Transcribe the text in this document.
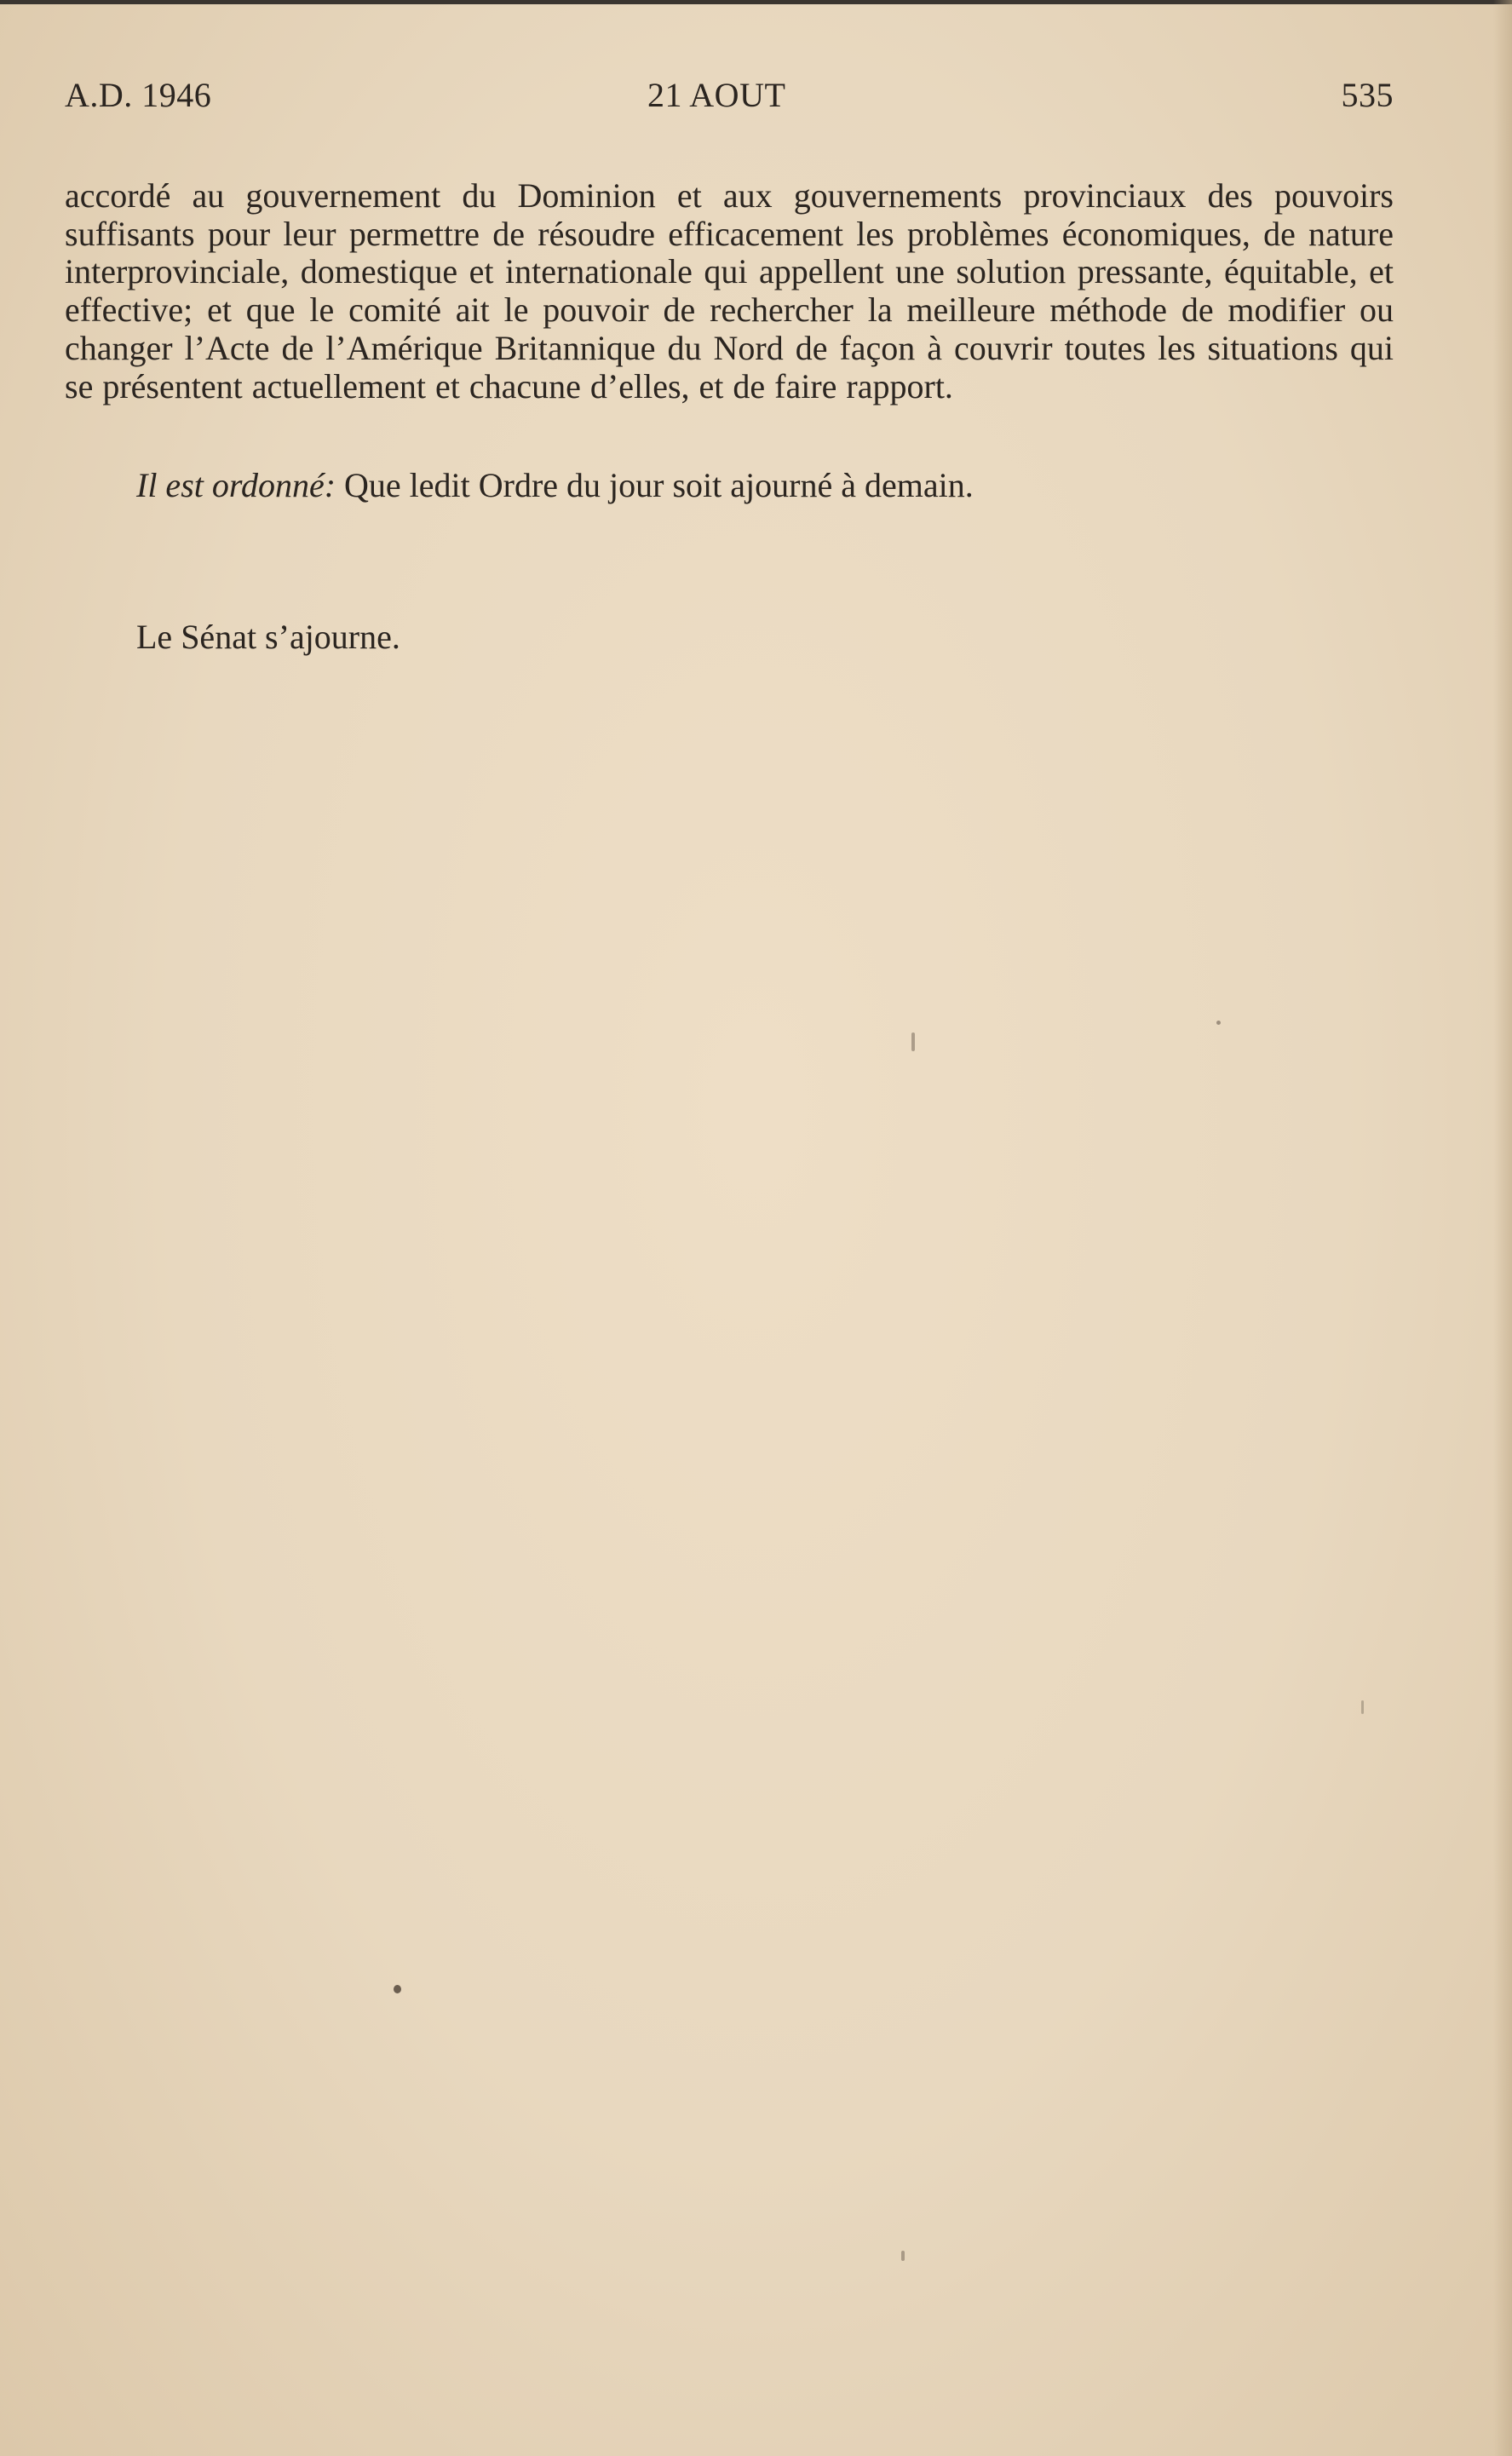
A.D. 1946	21 AOUT	535
accordé au gouvernement du Dominion et aux gouvernements provinciaux des pouvoirs suffisants pour leur permettre de résoudre efficacement les problèmes économiques, de nature interprovinciale, domestique et internationale qui appellent une solution pressante, équitable, et effective; et que le comité ait le pouvoir de rechercher la meilleure méthode de modifier ou changer l’Acte de l’Amérique Britannique du Nord de façon à couvrir toutes les situations qui se présentent actuellement et chacune d’elles, et de faire rapport.
Il est ordonné: Que ledit Ordre du jour soit ajourné à demain.
Le Sénat s’ajourne.
